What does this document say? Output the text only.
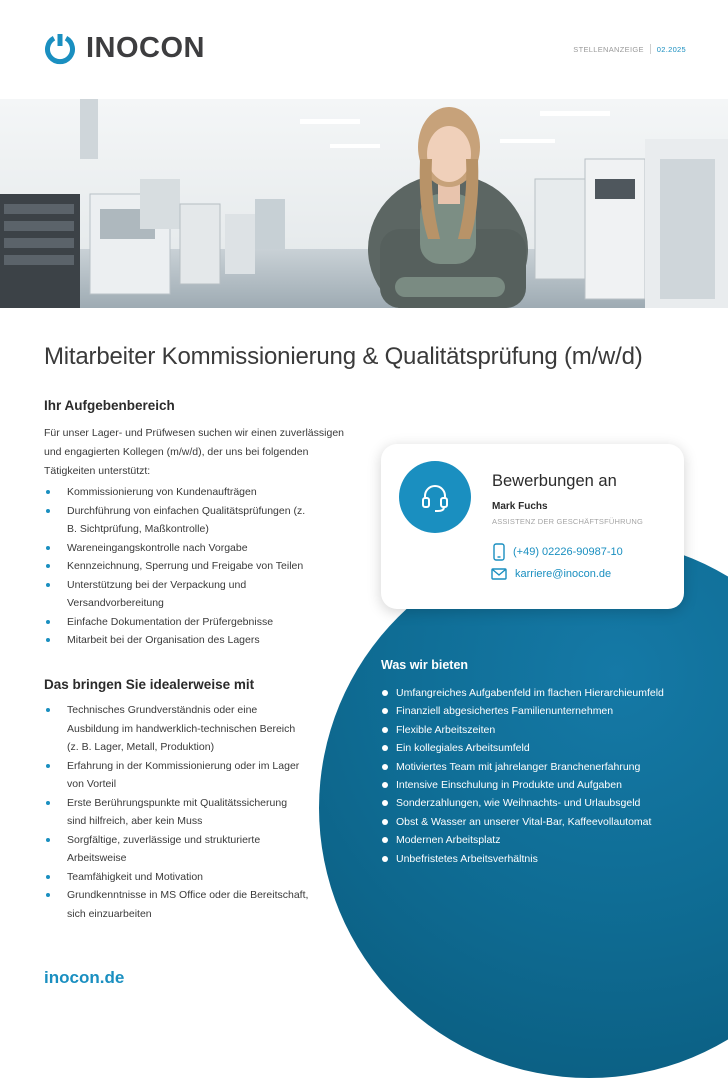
INOCON	STELLENANZEIGE 02.2025
Mitarbeiter Kommissionierung & Qualitätsprüfung (m/w/d)
Ihr Aufgebenbereich

Für unser Lager- und Prüfwesen suchen wir einen zuverlässigen und engagierten Kollegen (m/w/d), der uns bei folgenden Tätigkeiten unterstützt:

Kommissionierung von Kundenaufträgen
Durchführung von einfachen Qualitätsprüfungen (z. B. Sichtprüfung, Maßkontrolle)
Wareneingangskontrolle nach Vorgabe
Kennzeichnung, Sperrung und Freigabe von Teilen
Unterstützung bei der Verpackung und Versandvorbereitung
Einfache Dokumentation der Prüfergebnisse
Mitarbeit bei der Organisation des Lagers
Das bringen Sie idealerweise mit
Technisches Grundverständnis oder eine Ausbildung im handwerklich-technischen Bereich (z. B. Lager, Metall, Produktion)
Erfahrung in der Kommissionierung oder im Lager von Vorteil
Erste Berührungspunkte mit Qualitätssicherung sind hilfreich, aber kein Muss
Sorgfältige, zuverlässige und strukturierte Arbeitsweise
Teamfähigkeit und Motivation
Grundkenntnisse in MS Office oder die Bereitschaft, sich einzuarbeiten
inocon.de
Was wir bieten
Umfangreiches Aufgabenfeld im flachen Hierarchieumfeld
Finanziell abgesichertes Familienunternehmen
Flexible Arbeitszeiten
Ein kollegiales Arbeitsumfeld
Motiviertes Team mit jahrelanger Branchenerfahrung
Intensive Einschulung in Produkte und Aufgaben
Sonderzahlungen, wie Weihnachts- und Urlaubsgeld
Obst & Wasser an unserer Vital-Bar, Kaffeevollautomat
Modernen Arbeitsplatz
Unbefristetes Arbeitsverhältnis
Bewerbungen an
Mark Fuchs
ASSISTENZ DER GESCHÄFTSFÜHRUNG
(+49) 02226-90987-10
karriere@inocon.de
